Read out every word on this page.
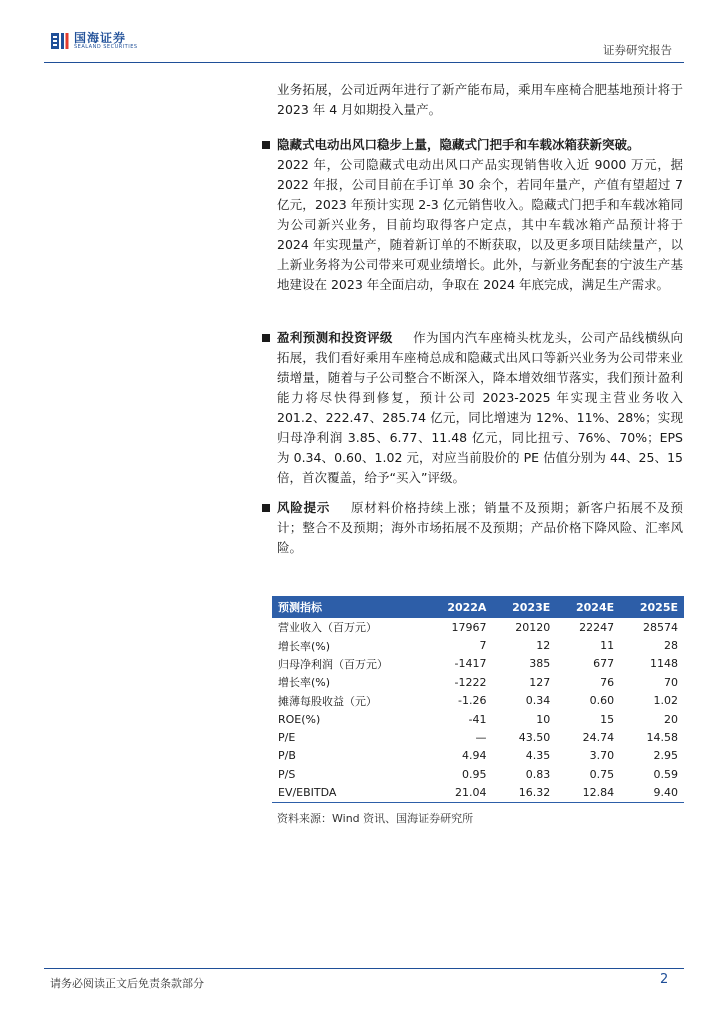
国海证券
SEALAND SECURITIES	证券研究报告
业务拓展，公司近两年进行了新产能布局，乘用车座椅合肥基地预计将于 2023 年 4 月如期投入量产。
隐藏式电动出风口稳步上量，隐藏式门把手和车载冰箱获新突破。
2022 年，公司隐藏式电动出风口产品实现销售收入近 9000 万元，据 2022 年报，公司目前在手订单 30 余个，若同年量产，产值有望超过 7 亿元，2023 年预计实现 2-3 亿元销售收入。隐藏式门把手和车载冰箱同为公司新兴业务，目前均取得客户定点，其中车载冰箱产品预计将于 2024 年实现量产，随着新订单的不断获取，以及更多项目陆续量产，以上新业务将为公司带来可观业绩增长。此外，与新业务配套的宁波生产基地建设在 2023 年全面启动，争取在 2024 年底完成，满足生产需求。
盈利预测和投资评级 作为国内汽车座椅头枕龙头，公司产品线横纵向拓展，我们看好乘用车座椅总成和隐藏式出风口等新兴业务为公司带来业绩增量，随着与子公司整合不断深入，降本增效细节落实，我们预计盈利能力将尽快得到修复，预计公司 2023-2025 年实现主营业务收入 201.2、222.47、285.74 亿元，同比增速为 12%、11%、28%；实现归母净利润 3.85、6.77、11.48 亿元，同比扭亏、76%、70%；EPS 为 0.34、0.60、1.02 元，对应当前股价的 PE 估值分别为 44、25、15 倍，首次覆盖，给予“买入”评级。
风险提示 原材料价格持续上涨；销量不及预期；新客户拓展不及预计；整合不及预期；海外市场拓展不及预期；产品价格下降风险、汇率风险。
预测指标	2022A	2023E	2024E	2025E
营业收入（百万元）	17967	20120	22247	28574
增长率(%)	7	12	11	28
归母净利润（百万元）	-1417	385	677	1148
增长率(%)	-1222	127	76	70
摊薄每股收益（元）	-1.26	0.34	0.60	1.02
ROE(%)	-41	10	15	20
P/E	—	43.50	24.74	14.58
P/B	4.94	4.35	3.70	2.95
P/S	0.95	0.83	0.75	0.59
EV/EBITDA	21.04	16.32	12.84	9.40
资料来源：Wind 资讯、国海证券研究所
请务必阅读正文后免责条款部分	2
